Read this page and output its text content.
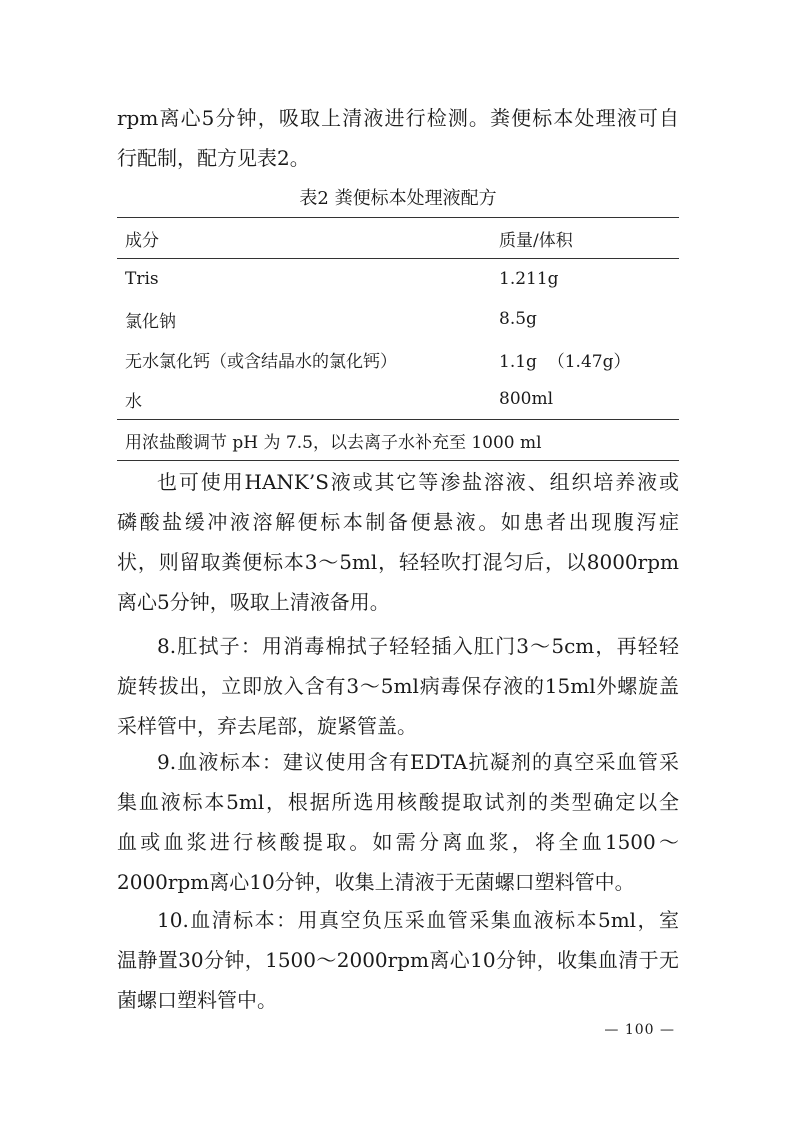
rpm离心5分钟，吸取上清液进行检测。粪便标本处理液可自
行配制，配方见表2。

表2 粪便标本处理液配方
成分	质量/体积
Tris	1.211g
氯化钠	8.5g
无水氯化钙（或含结晶水的氯化钙）	1.1g  （1.47g）
水	800ml
用浓盐酸调节 pH 为 7.5，以去离子水补充至 1000 ml	

也可使用HANK’S液或其它等渗盐溶液、组织培养液或
磷酸盐缓冲液溶解便标本制备便悬液。如患者出现腹泻症
状，则留取粪便标本3～5ml，轻轻吹打混匀后，以8000rpm
离心5分钟，吸取上清液备用。

8.肛拭子：用消毒棉拭子轻轻插入肛门3～5cm，再轻轻
旋转拔出，立即放入含有3～5ml病毒保存液的15ml外螺旋盖
采样管中，弃去尾部，旋紧管盖。

9.血液标本：建议使用含有EDTA抗凝剂的真空采血管采
集血液标本5ml，根据所选用核酸提取试剂的类型确定以全
血或血浆进行核酸提取。如需分离血浆，将全血1500～
2000rpm离心10分钟，收集上清液于无菌螺口塑料管中。

10.血清标本：用真空负压采血管采集血液标本5ml，室
温静置30分钟，1500～2000rpm离心10分钟，收集血清于无
菌螺口塑料管中。

— 100 —
